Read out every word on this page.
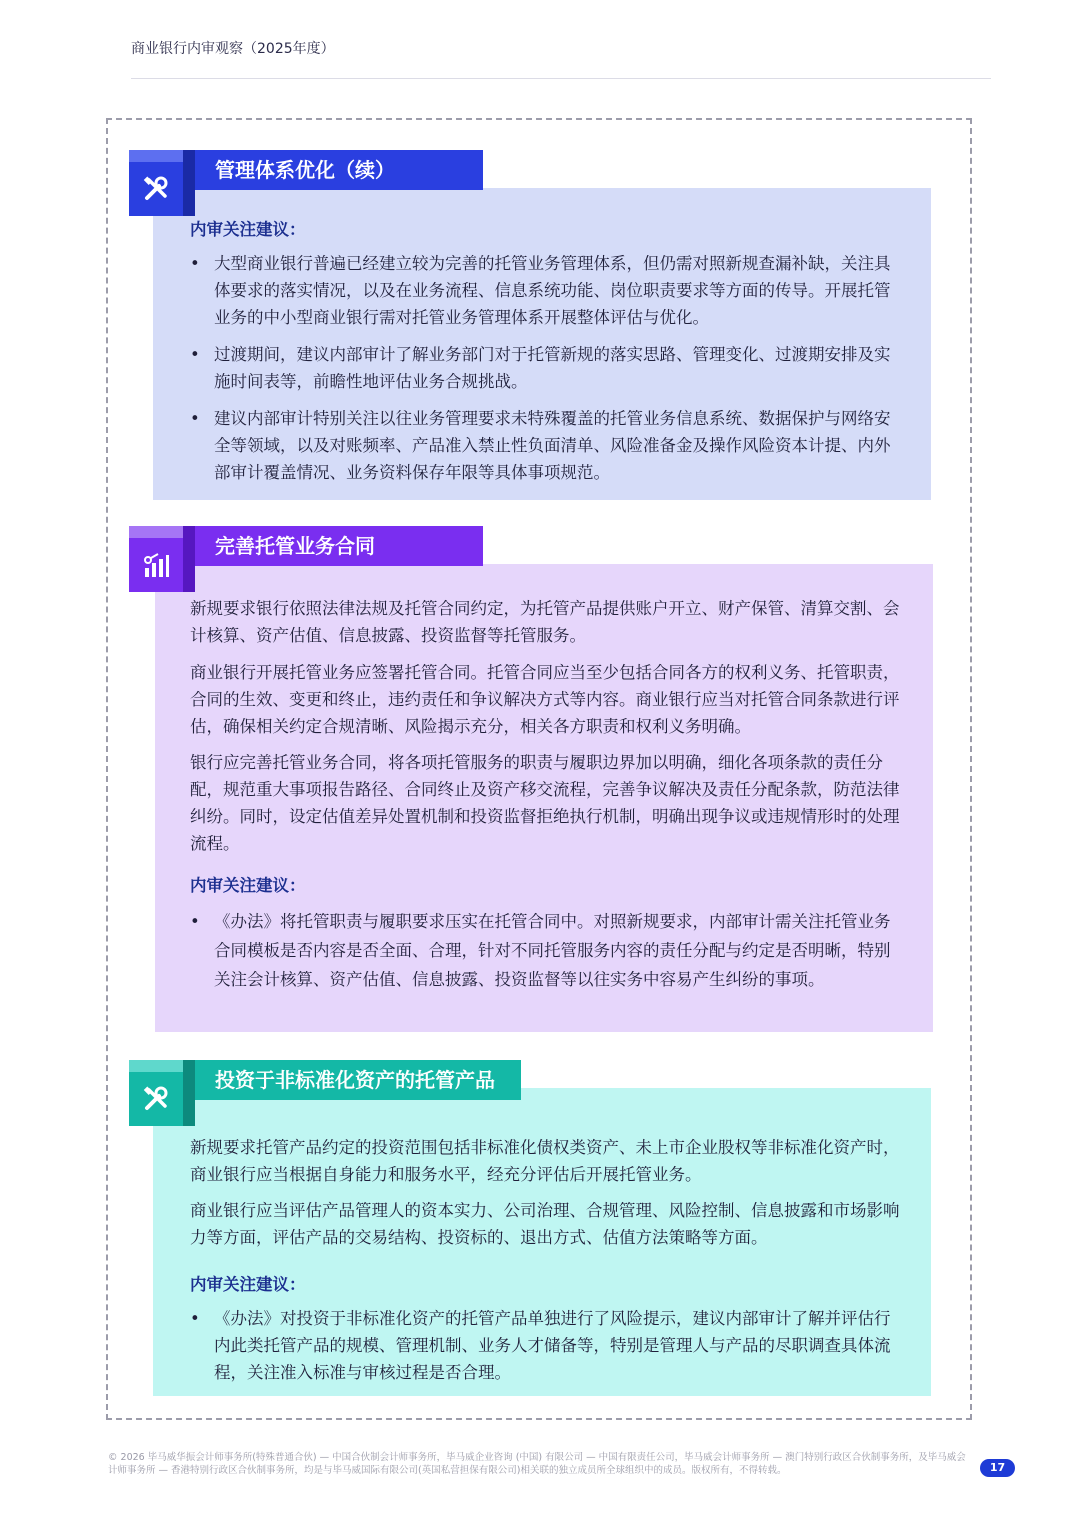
商业银行内审观察（2025年度）
管理体系优化（续）
内审关注建议：
• 大型商业银行普遍已经建立较为完善的托管业务管理体系，但仍需对照新规查漏补缺，关注具体要求的落实情况，以及在业务流程、信息系统功能、岗位职责要求等方面的传导。开展托管业务的中小型商业银行需对托管业务管理体系开展整体评估与优化。
• 过渡期间，建议内部审计了解业务部门对于托管新规的落实思路、管理变化、过渡期安排及实施时间表等，前瞻性地评估业务合规挑战。
• 建议内部审计特别关注以往业务管理要求未特殊覆盖的托管业务信息系统、数据保护与网络安全等领域，以及对账频率、产品准入禁止性负面清单、风险准备金及操作风险资本计提、内外部审计覆盖情况、业务资料保存年限等具体事项规范。
完善托管业务合同
新规要求银行依照法律法规及托管合同约定，为托管产品提供账户开立、财产保管、清算交割、会计核算、资产估值、信息披露、投资监督等托管服务。
商业银行开展托管业务应签署托管合同。托管合同应当至少包括合同各方的权利义务、托管职责，合同的生效、变更和终止，违约责任和争议解决方式等内容。商业银行应当对托管合同条款进行评估，确保相关约定合规清晰、风险揭示充分，相关各方职责和权利义务明确。
银行应完善托管业务合同，将各项托管服务的职责与履职边界加以明确，细化各项条款的责任分配，规范重大事项报告路径、合同终止及资产移交流程，完善争议解决及责任分配条款，防范法律纠纷。同时，设定估值差异处置机制和投资监督拒绝执行机制，明确出现争议或违规情形时的处理流程。
内审关注建议：
• 《办法》将托管职责与履职要求压实在托管合同中。对照新规要求，内部审计需关注托管业务合同模板是否内容是否全面、合理，针对不同托管服务内容的责任分配与约定是否明晰，特别关注会计核算、资产估值、信息披露、投资监督等以往实务中容易产生纠纷的事项。
投资于非标准化资产的托管产品
新规要求托管产品约定的投资范围包括非标准化债权类资产、未上市企业股权等非标准化资产时，商业银行应当根据自身能力和服务水平，经充分评估后开展托管业务。
商业银行应当评估产品管理人的资本实力、公司治理、合规管理、风险控制、信息披露和市场影响力等方面，评估产品的交易结构、投资标的、退出方式、估值方法策略等方面。
内审关注建议：
• 《办法》对投资于非标准化资产的托管产品单独进行了风险提示，建议内部审计了解并评估行内此类托管产品的规模、管理机制、业务人才储备等，特别是管理人与产品的尽职调查具体流程，关注准入标准与审核过程是否合理。
© 2026 毕马威华振会计师事务所(特殊普通合伙) — 中国合伙制会计师事务所，毕马威企业咨询 (中国) 有限公司 — 中国有限责任公司，毕马威会计师事务所 — 澳门特别行政区合伙制事务所，及毕马威会计师事务所 — 香港特别行政区合伙制事务所，均是与毕马威国际有限公司(英国私营担保有限公司)相关联的独立成员所全球组织中的成员。版权所有，不得转载。	17
